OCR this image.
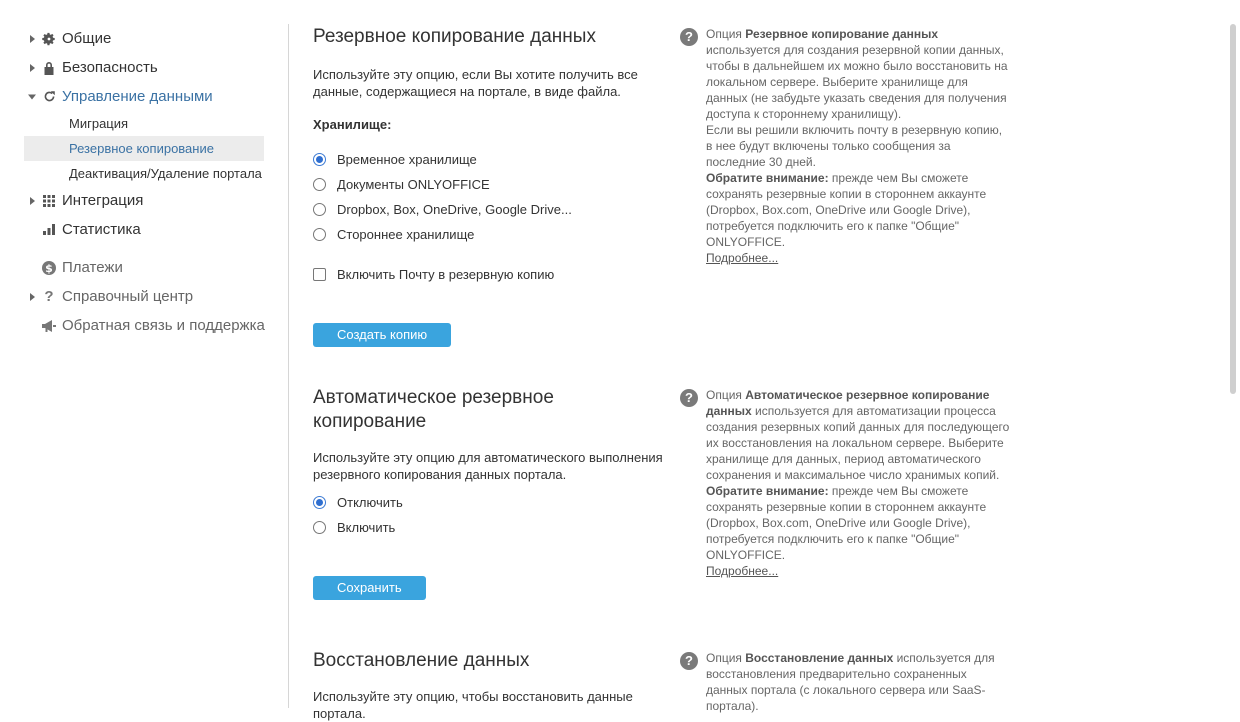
Общие
Безопасность
Управление данными
Миграция
Резервное копирование
Деактивация/Удаление портала
Интеграция
Статистика
$ Платежи
? Справочный центр
Обратная связь и поддержка
Резервное копирование данных

Используйте эту опцию, если Вы хотите получить все данные, содержащиеся на портале, в виде файла.

Хранилище:
Временное хранилище
Документы ONLYOFFICE
Dropbox, Box, OneDrive, Google Drive...
Стороннее хранилище
Включить Почту в резервную копию
Создать копию
Автоматическое резервное копирование

Используйте эту опцию для автоматического выполнения резервного копирования данных портала.

Отключить
Включить
Сохранить
Восстановление данных

Используйте эту опцию, чтобы восстановить данные портала.

?	Опция Резервное копирование данных используется для создания резервной копии данных, чтобы в дальнейшем их можно было восстановить на локальном сервере. Выберите хранилище для данных (не забудьте указать сведения для получения доступа к стороннему хранилищу).
Если вы решили включить почту в резервную копию, в нее будут включены только сообщения за последние 30 дней.
Обратите внимание: прежде чем Вы сможете сохранять резервные копии в стороннем аккаунте (Dropbox, Box.com, OneDrive или Google Drive), потребуется подключить его к папке "Общие" ONLYOFFICE.
Подробнее...
?	Опция Автоматическое резервное копирование данных используется для автоматизации процесса создания резервных копий данных для последующего их восстановления на локальном сервере. Выберите хранилище для данных, период автоматического сохранения и максимальное число хранимых копий.
Обратите внимание: прежде чем Вы сможете сохранять резервные копии в стороннем аккаунте (Dropbox, Box.com, OneDrive или Google Drive), потребуется подключить его к папке "Общие" ONLYOFFICE.
Подробнее...
?	Опция Восстановление данных используется для восстановления предварительно сохраненных данных портала (с локального сервера или SaaS-портала).
